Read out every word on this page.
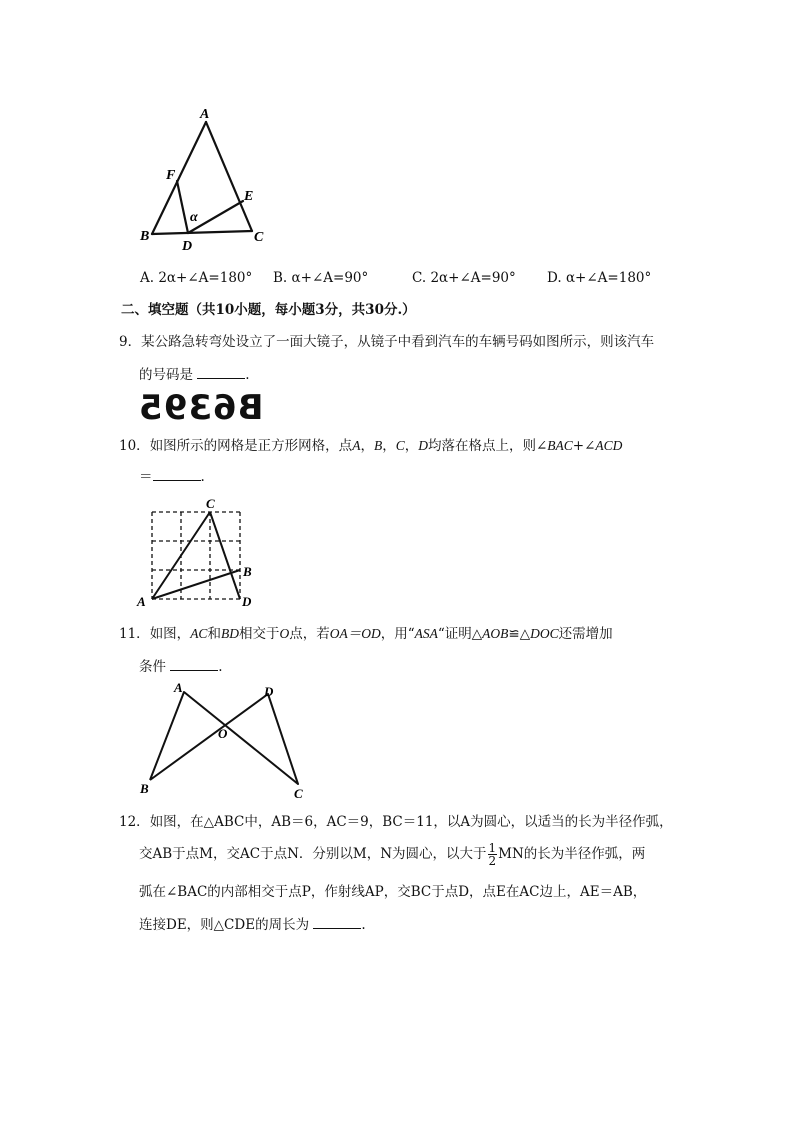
A
F
E
α
B
D
C
A. 2α+∠A=180° B. α+∠A=90°	C. 2α+∠A=90° D. α+∠A=180°
二、填空题（共10小题，每小题3分，共30分.）
9．某公路急转弯处设立了一面大镜子，从镜子中看到汽车的车辆号码如图所示，则该汽车
的号码是	.
B6395
10．如图所示的网格是正方形网格，点A，B，C，D均落在格点上，则∠BAC+∠ACD
＝	.
C
B
A	D
11．如图，AC和BD相交于O点，若OA＝OD，用“ASA“证明△AOB≌△DOC还需增加
条件	.
A	D
O
B	C
12．如图，在△ABC中，AB＝6，AC＝9，BC＝11，以A为圆心，以适当的长为半径作弧，
交AB于点M，交AC于点N．分别以M，N为圆心，以大于 $\frac{1}{2}$ MN的长为半径作弧，两
弧在∠BAC的内部相交于点P，作射线AP，交BC于点D，点E在AC边上，AE＝AB，
连接DE，则△CDE的周长为	.
